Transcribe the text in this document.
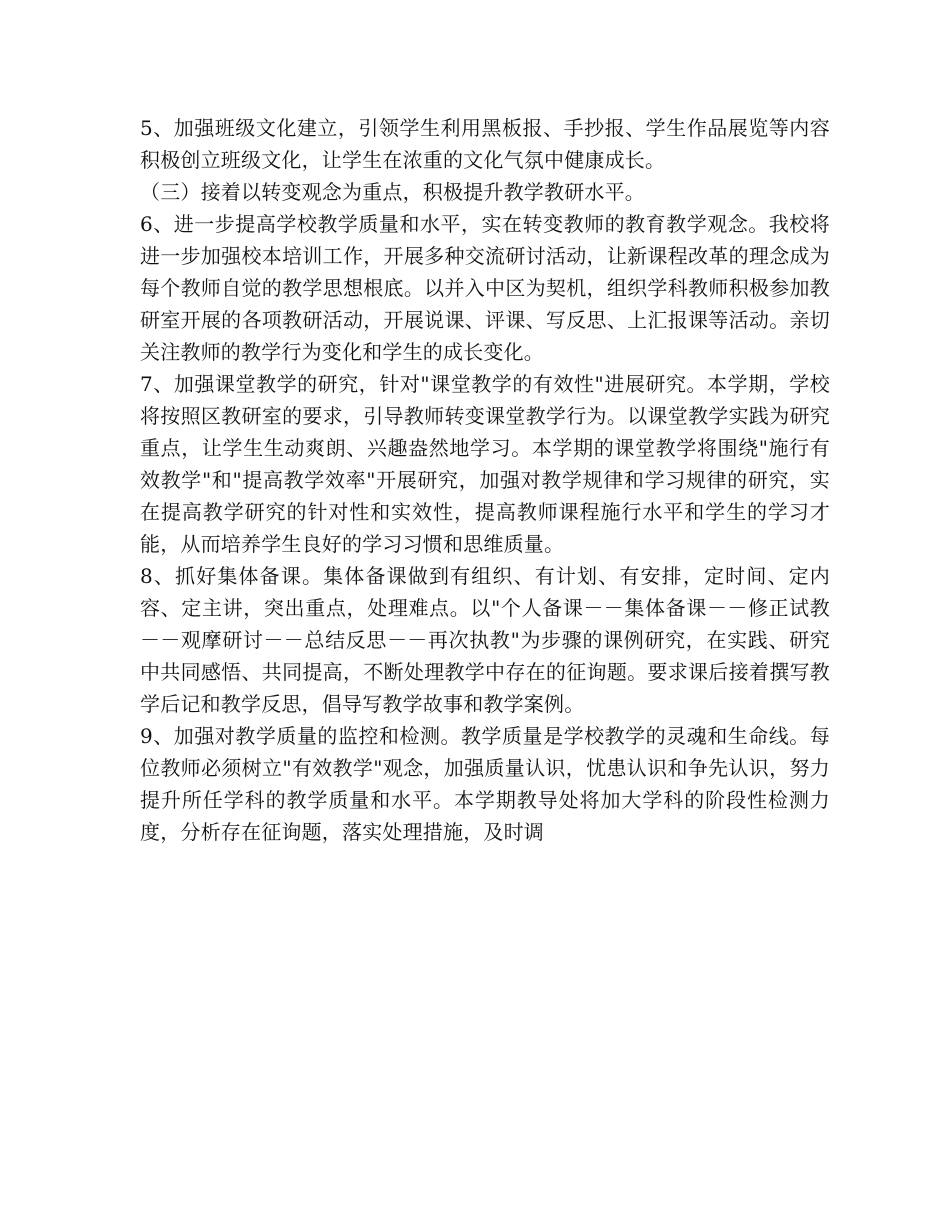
5、加强班级文化建立，引领学生利用黑板报、手抄报、学生作品展览等内容积极创立班级文化，让学生在浓重的文化气氛中健康成长。

（三）接着以转变观念为重点，积极提升教学教研水平。

6、进一步提高学校教学质量和水平，实在转变教师的教育教学观念。我校将进一步加强校本培训工作，开展多种交流研讨活动，让新课程改革的理念成为每个教师自觉的教学思想根底。以并入中区为契机，组织学科教师积极参加教研室开展的各项教研活动，开展说课、评课、写反思、上汇报课等活动。亲切关注教师的教学行为变化和学生的成长变化。

7、加强课堂教学的研究，针对"课堂教学的有效性"进展研究。本学期，学校将按照区教研室的要求，引导教师转变课堂教学行为。以课堂教学实践为研究重点，让学生生动爽朗、兴趣盎然地学习。本学期的课堂教学将围绕"施行有效教学"和"提高教学效率"开展研究，加强对教学规律和学习规律的研究，实在提高教学研究的针对性和实效性，提高教师课程施行水平和学生的学习才能，从而培养学生良好的学习习惯和思维质量。

8、抓好集体备课。集体备课做到有组织、有计划、有安排，定时间、定内容、定主讲，突出重点，处理难点。以"个人备课－－集体备课－－修正试教－－观摩研讨－－总结反思－－再次执教"为步骤的课例研究，在实践、研究中共同感悟、共同提高，不断处理教学中存在的征询题。要求课后接着撰写教学后记和教学反思，倡导写教学故事和教学案例。

9、加强对教学质量的监控和检测。教学质量是学校教学的灵魂和生命线。每位教师必须树立"有效教学"观念，加强质量认识，忧患认识和争先认识，努力提升所任学科的教学质量和水平。本学期教导处将加大学科的阶段性检测力度，分析存在征询题，落实处理措施，及时调
